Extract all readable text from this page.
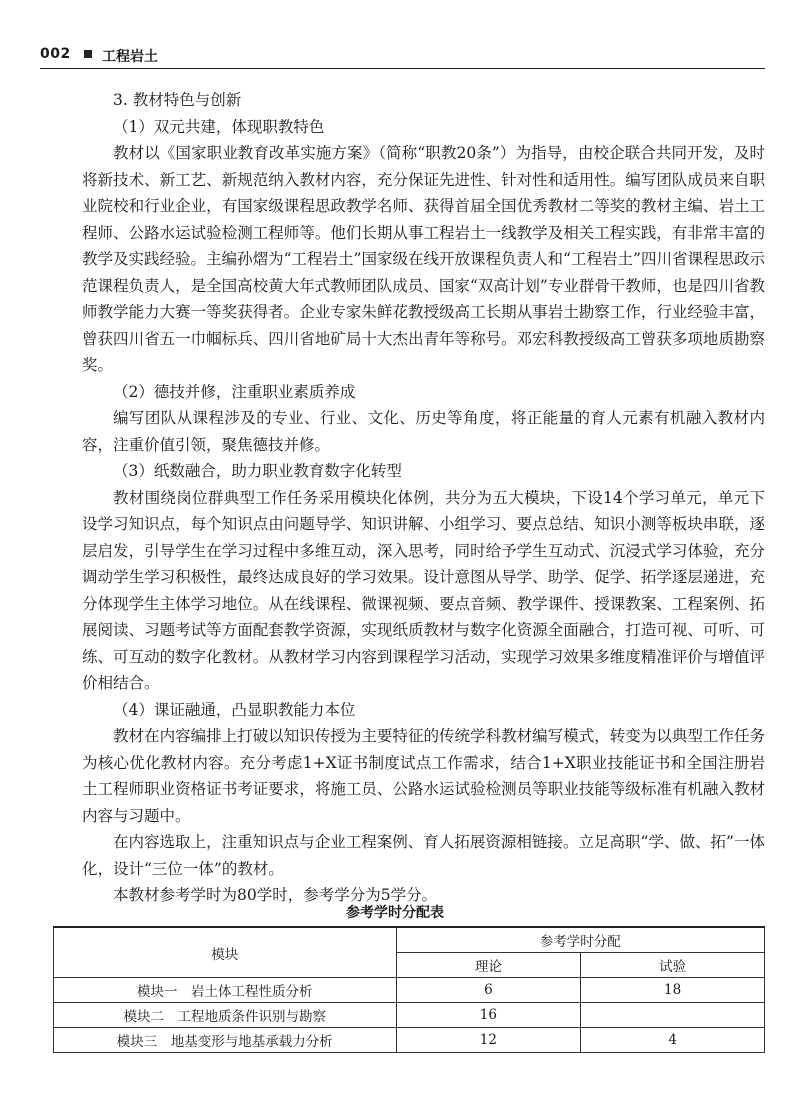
002 工程岩土

3. 教材特色与创新

（1）双元共建，体现职教特色

教材以《国家职业教育改革实施方案》（简称“职教20条”）为指导，由校企联合共同开发，及时将新技术、新工艺、新规范纳入教材内容，充分保证先进性、针对性和适用性。编写团队成员来自职业院校和行业企业，有国家级课程思政教学名师、获得首届全国优秀教材二等奖的教材主编、岩土工程师、公路水运试验检测工程师等。他们长期从事工程岩土一线教学及相关工程实践，有非常丰富的教学及实践经验。主编孙熠为“工程岩土”国家级在线开放课程负责人和“工程岩土”四川省课程思政示范课程负责人，是全国高校黄大年式教师团队成员、国家“双高计划”专业群骨干教师，也是四川省教师教学能力大赛一等奖获得者。企业专家朱鲜花教授级高工长期从事岩土勘察工作，行业经验丰富，曾获四川省五一巾帼标兵、四川省地矿局十大杰出青年等称号。邓宏科教授级高工曾获多项地质勘察奖。

（2）德技并修，注重职业素质养成

编写团队从课程涉及的专业、行业、文化、历史等角度，将正能量的育人元素有机融入教材内容，注重价值引领，聚焦德技并修。

（3）纸数融合，助力职业教育数字化转型

教材围绕岗位群典型工作任务采用模块化体例，共分为五大模块，下设14个学习单元，单元下设学习知识点，每个知识点由问题导学、知识讲解、小组学习、要点总结、知识小测等板块串联，逐层启发，引导学生在学习过程中多维互动，深入思考，同时给予学生互动式、沉浸式学习体验，充分调动学生学习积极性，最终达成良好的学习效果。设计意图从导学、助学、促学、拓学逐层递进，充分体现学生主体学习地位。从在线课程、微课视频、要点音频、教学课件、授课教案、工程案例、拓展阅读、习题考试等方面配套教学资源，实现纸质教材与数字化资源全面融合，打造可视、可听、可练、可互动的数字化教材。从教材学习内容到课程学习活动，实现学习效果多维度精准评价与增值评价相结合。

（4）课证融通，凸显职教能力本位

教材在内容编排上打破以知识传授为主要特征的传统学科教材编写模式，转变为以典型工作任务为核心优化教材内容。充分考虑1+X证书制度试点工作需求，结合1+X职业技能证书和全国注册岩土工程师职业资格证书考证要求，将施工员、公路水运试验检测员等职业技能等级标准有机融入教材内容与习题中。

在内容选取上，注重知识点与企业工程案例、育人拓展资源相链接。立足高职“学、做、拓”一体化，设计“三位一体”的教材。

本教材参考学时为80学时，参考学分为5学分。

参考学时分配表
模块	参考学时分配	
	理论	试验
模块一　岩土体工程性质分析	6	18
模块二　工程地质条件识别与勘察	16	
模块三　地基变形与地基承载力分析	12	4
